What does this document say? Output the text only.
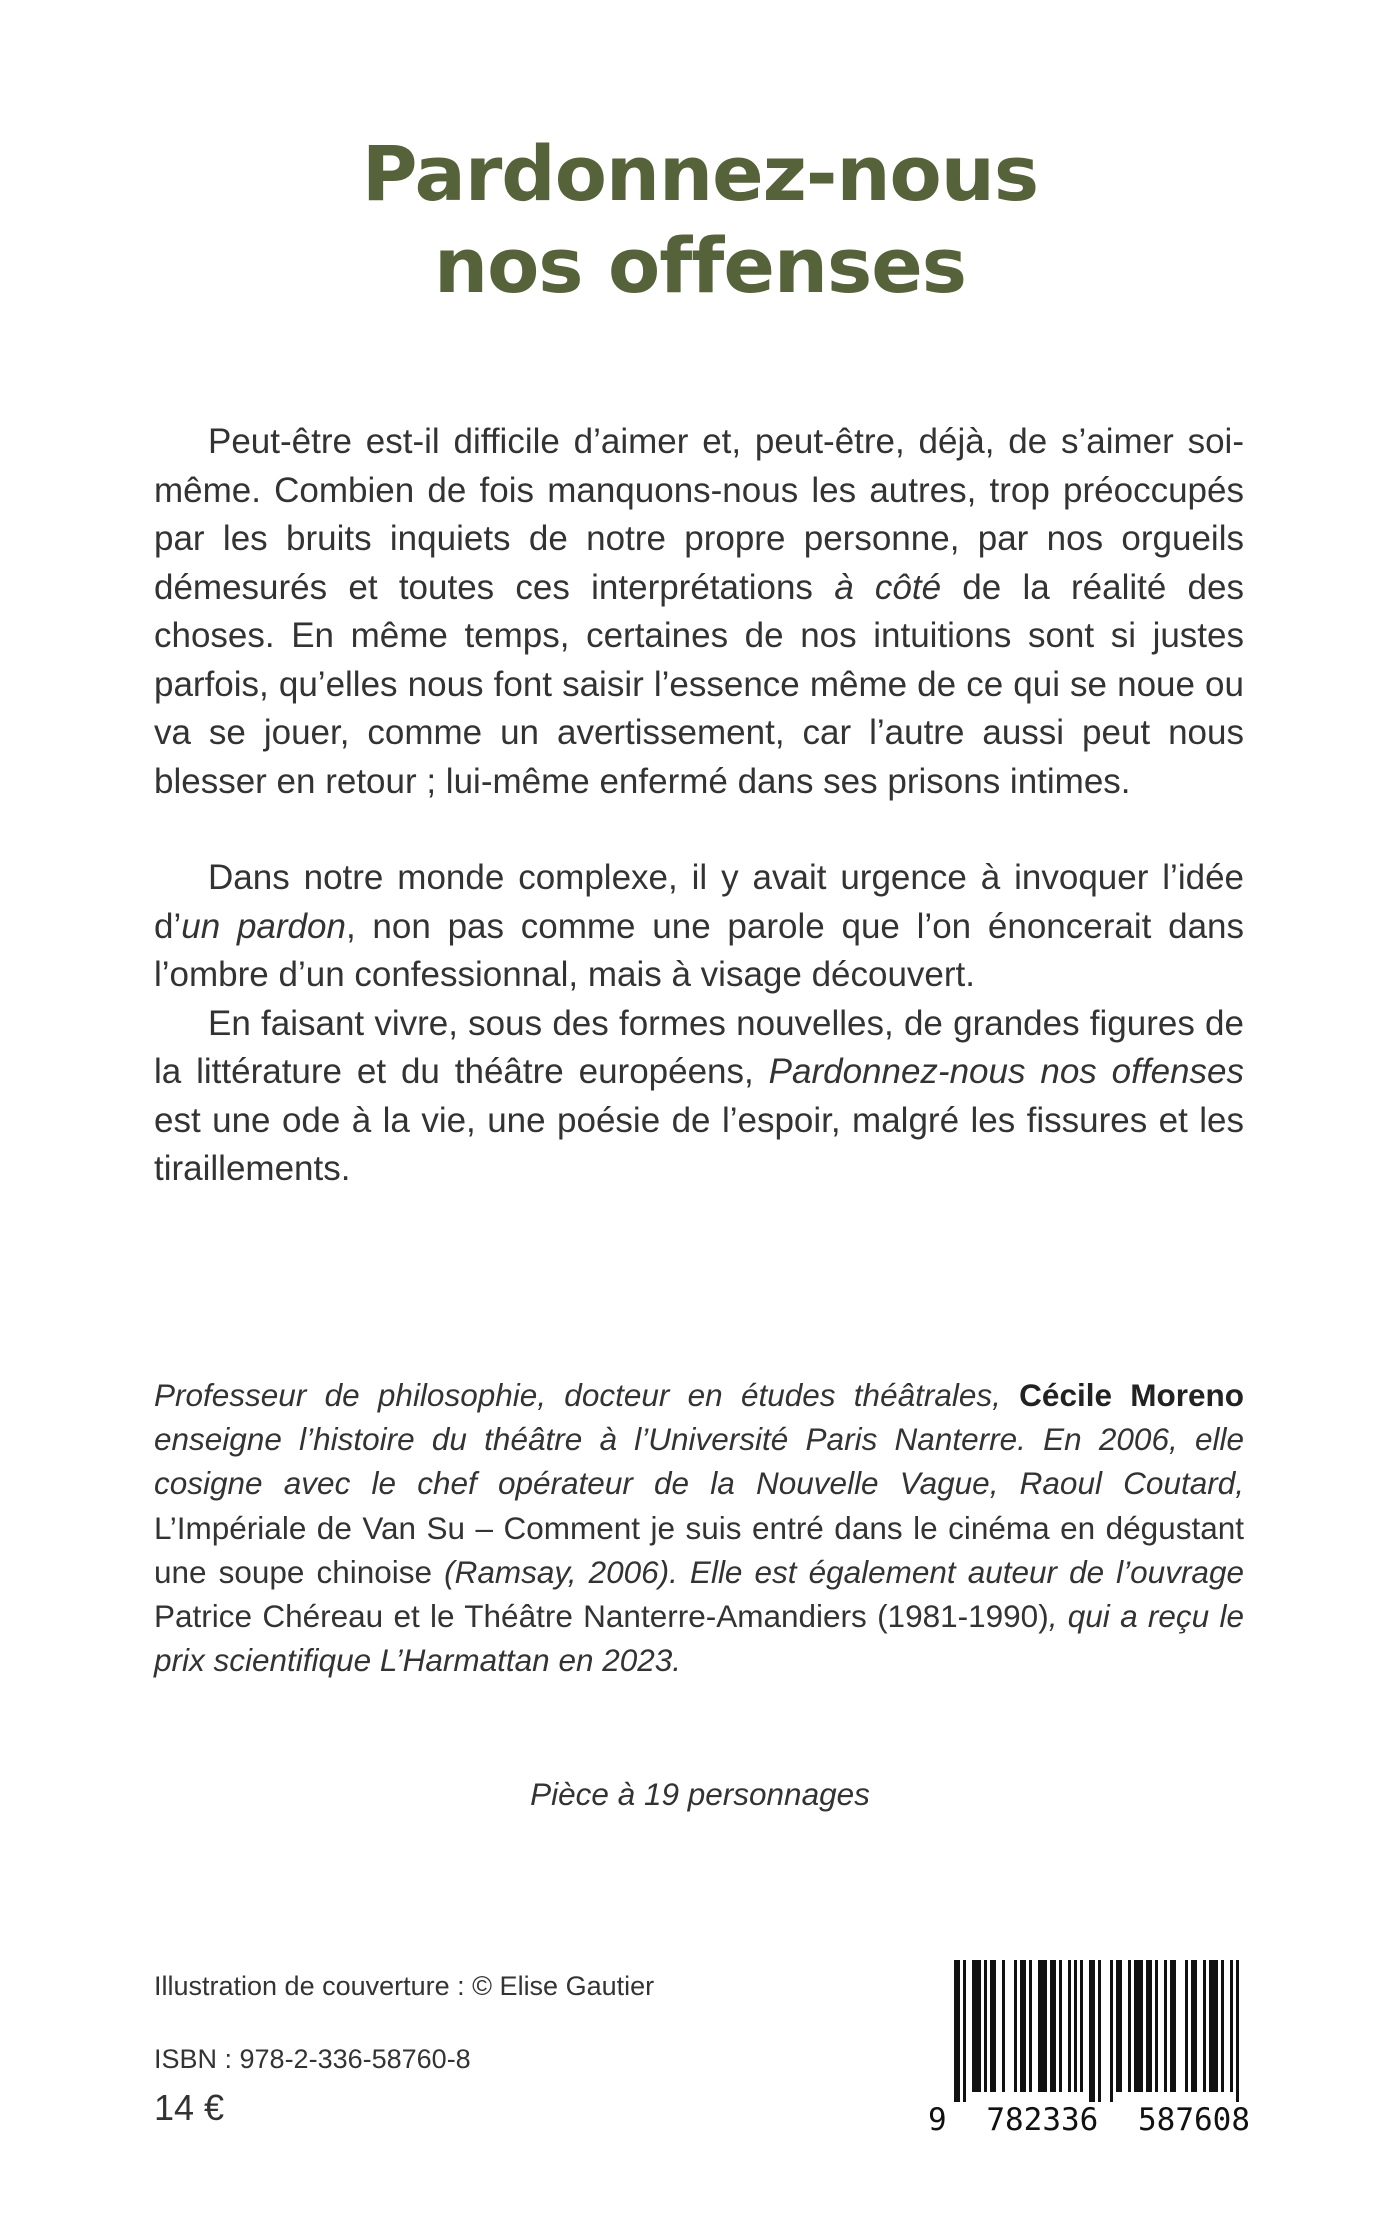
Pardonnez-nous
nos offenses

Peut-être est-il difficile d’aimer et, peut-être, déjà, de s’aimer soi-même. Combien de fois manquons-nous les autres, trop préoccupés par les bruits inquiets de notre propre personne, par nos orgueils démesurés et toutes ces interprétations à côté de la réalité des choses. En même temps, certaines de nos intuitions sont si justes parfois, qu’elles nous font saisir l’essence même de ce qui se noue ou va se jouer, comme un avertissement, car l’autre aussi peut nous blesser en retour ; lui-même enfermé dans ses prisons intimes.

Dans notre monde complexe, il y avait urgence à invoquer l’idée d’un pardon, non pas comme une parole que l’on énoncerait dans l’ombre d’un confessionnal, mais à visage découvert.

En faisant vivre, sous des formes nouvelles, de grandes figures de la littérature et du théâtre européens, Pardonnez-nous nos offenses est une ode à la vie, une poésie de l’espoir, malgré les fissures et les tiraillements.

Professeur de philosophie, docteur en études théâtrales, Cécile Moreno enseigne l’histoire du théâtre à l’Université Paris Nanterre. En 2006, elle cosigne avec le chef opérateur de la Nouvelle Vague, Raoul Coutard, L’Impériale de Van Su – Comment je suis entré dans le cinéma en dégustant une soupe chinoise (Ramsay, 2006). Elle est également auteur de l’ouvrage Patrice Chéreau et le Théâtre Nanterre-Amandiers (1981-1990), qui a reçu le prix scientifique L’Harmattan en 2023.
Pièce à 19 personnages
Illustration de couverture : © Elise Gautier
ISBN : 978-2-336-58760-8
14 €	9 782336 587608
